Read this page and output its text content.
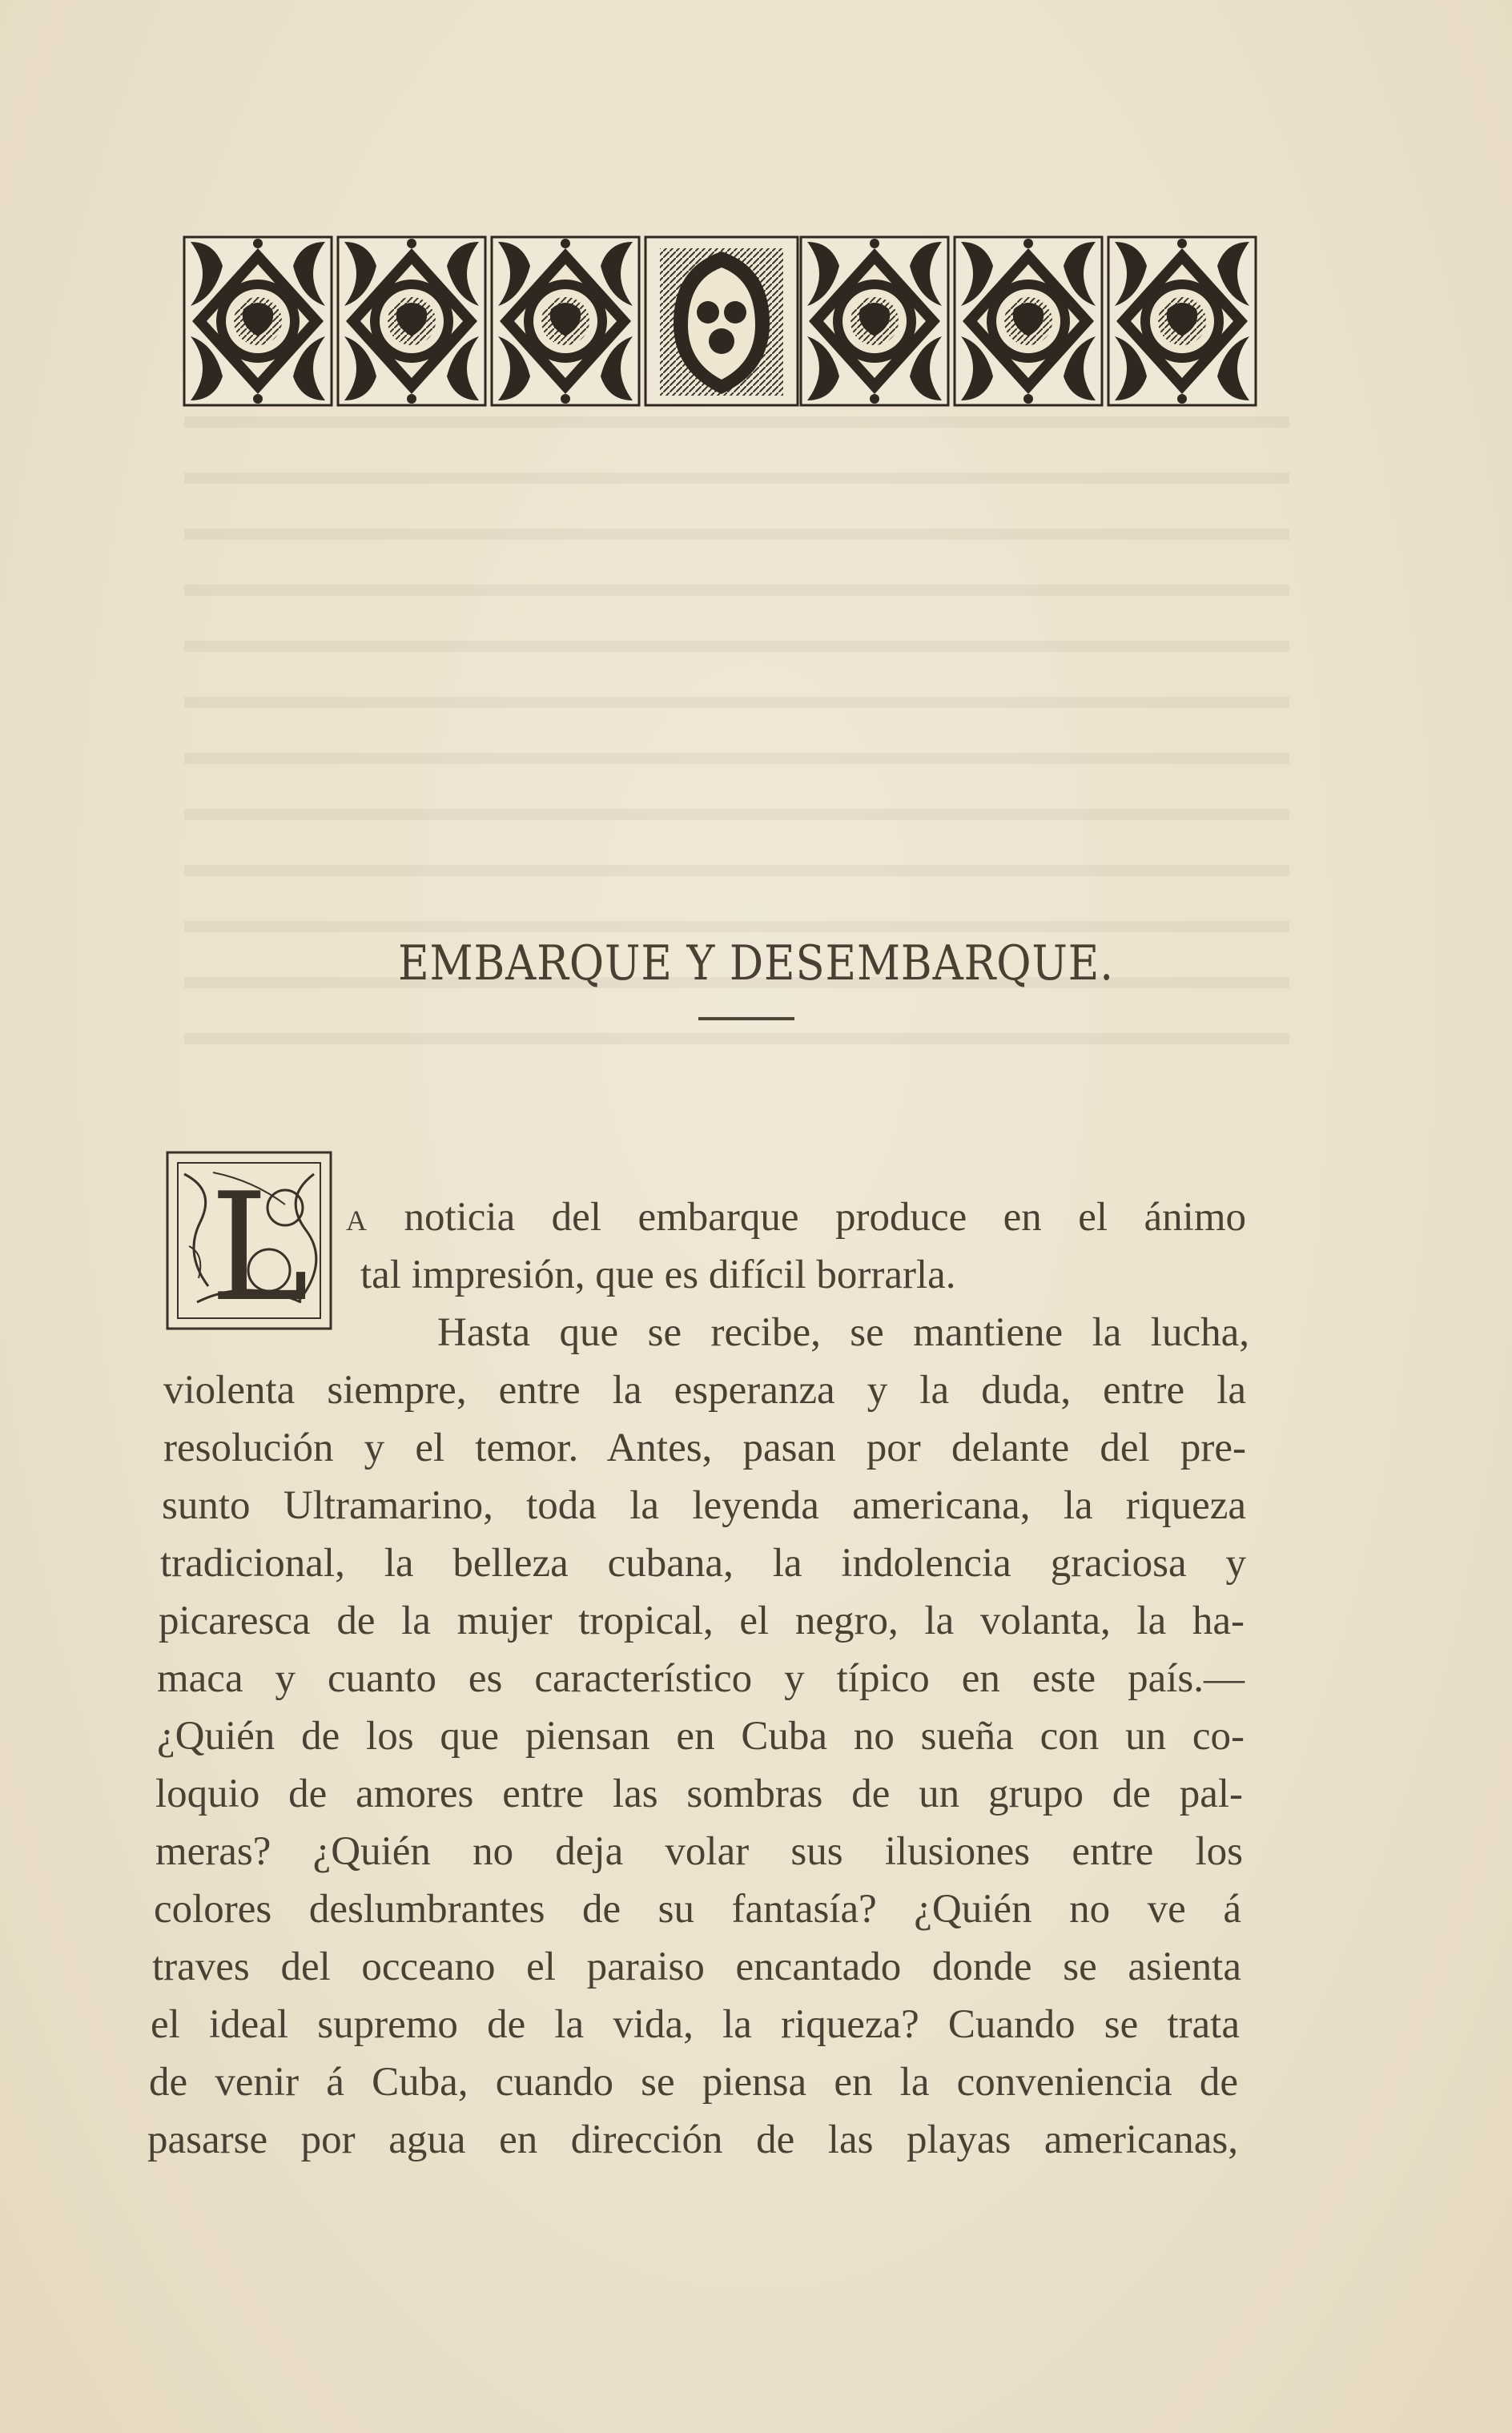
EMBARQUE Y DESEMBARQUE.
L A noticia del embarque produce en el ánimo
tal impresión, que es difícil borrarla.
Hasta que se recibe, se mantiene la lucha,
violenta siempre, entre la esperanza y la duda, entre la
resolución y el temor. Antes, pasan por delante del pre-
sunto Ultramarino, toda la leyenda americana, la riqueza
tradicional, la belleza cubana, la indolencia graciosa y
picaresca de la mujer tropical, el negro, la volanta, la ha-
maca y cuanto es característico y típico en este país.—
¿Quién de los que piensan en Cuba no sueña con un co-
loquio de amores entre las sombras de un grupo de pal-
meras? ¿Quién no deja volar sus ilusiones entre los
colores deslumbrantes de su fantasía? ¿Quién no ve á
traves del occeano el paraiso encantado donde se asienta
el ideal supremo de la vida, la riqueza? Cuando se trata
de venir á Cuba, cuando se piensa en la conveniencia de
pasarse por agua en dirección de las playas americanas,
